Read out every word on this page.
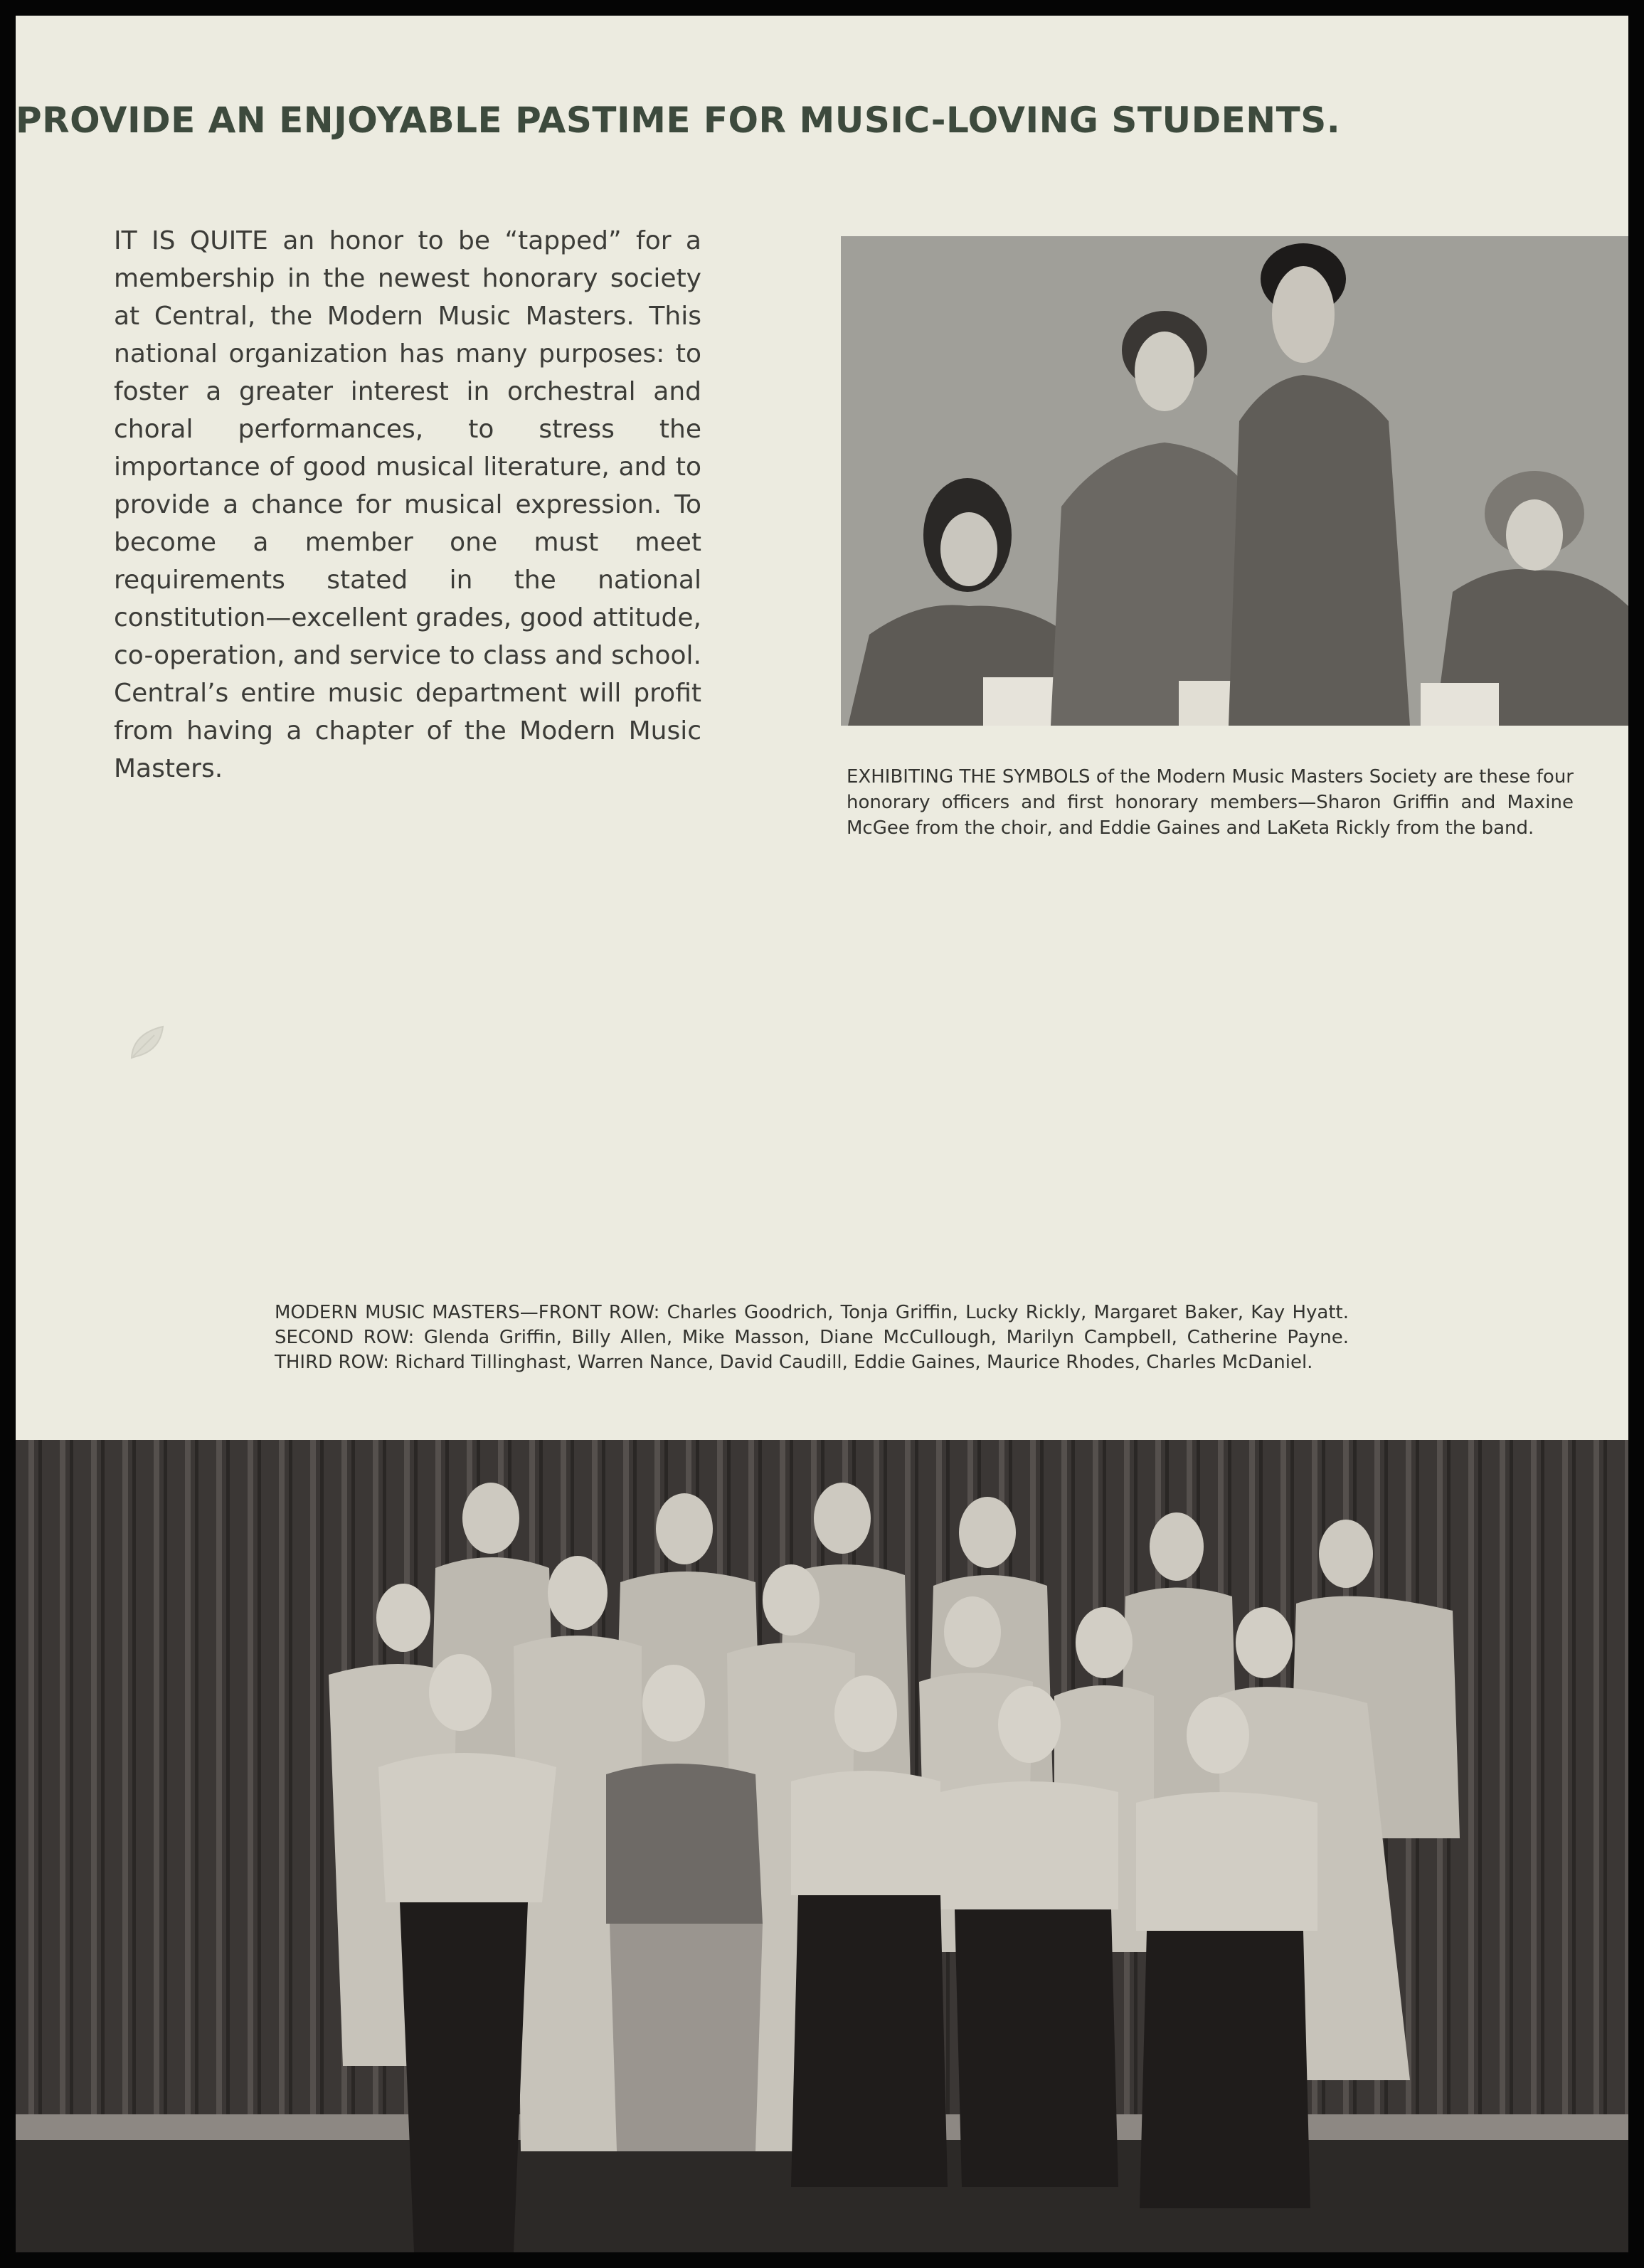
PROVIDE AN ENJOYABLE PASTIME FOR MUSIC-LOVING STUDENTS.

IT IS QUITE an honor to be “tapped” for a membership in the newest honorary society at Central, the Modern Music Masters. This national organization has many purposes: to foster a greater interest in orchestral and choral performances, to stress the importance of good musical literature, and to provide a chance for musical expression. To become a member one must meet requirements stated in the national constitution—excellent grades, good attitude, co-operation, and service to class and school. Central’s entire music department will profit from having a chapter of the Modern Music Masters.	EXHIBITING THE SYMBOLS of the Modern Music Masters Society are these four honorary officers and first honorary members—Sharon Griffin and Maxine McGee from the choir, and Eddie Gaines and LaKeta Rickly from the band.

MODERN MUSIC MASTERS—FRONT ROW: Charles Goodrich, Tonja Griffin, Lucky Rickly, Margaret Baker, Kay Hyatt. SECOND ROW: Glenda Griffin, Billy Allen, Mike Masson, Diane McCullough, Marilyn Campbell, Catherine Payne. THIRD ROW: Richard Tillinghast, Warren Nance, David Caudill, Eddie Gaines, Maurice Rhodes, Charles McDaniel.
